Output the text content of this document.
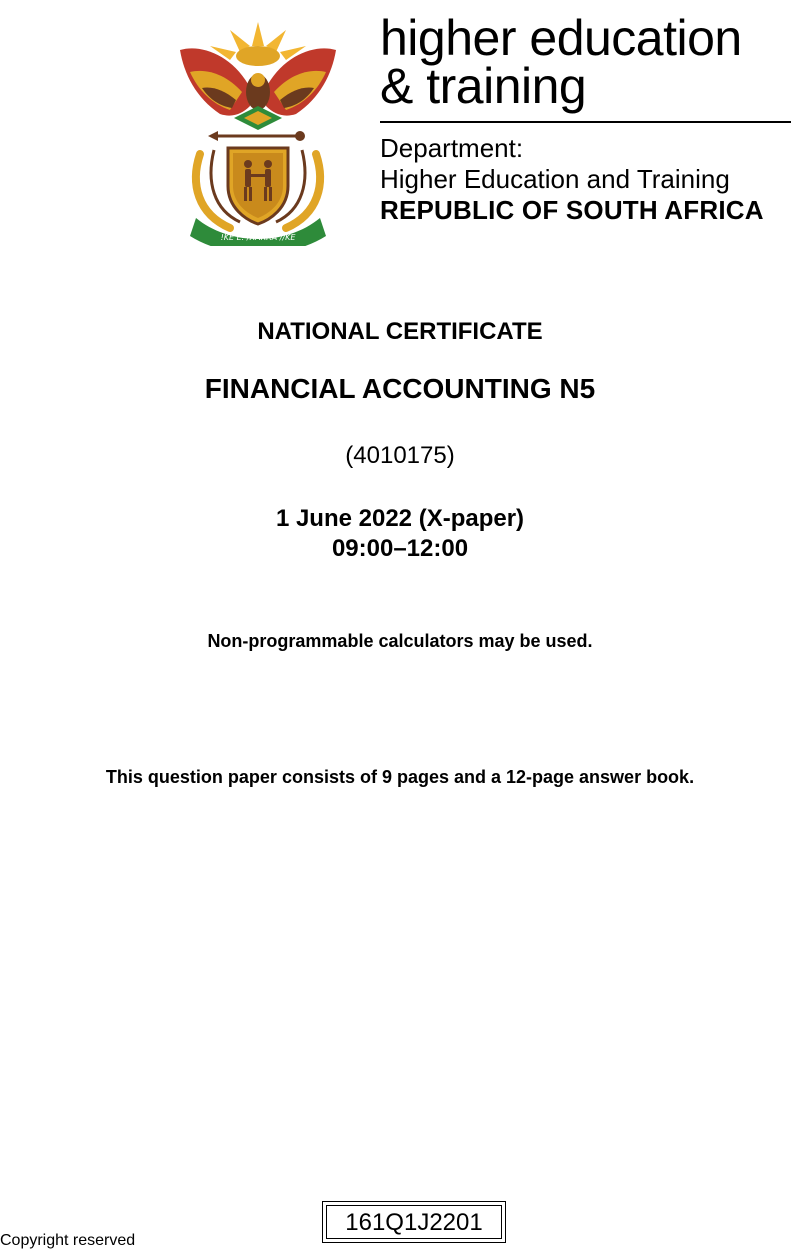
!KE E: /XARRA //KE
higher education
& training
Department:
Higher Education and Training
REPUBLIC OF SOUTH AFRICA
NATIONAL CERTIFICATE
FINANCIAL ACCOUNTING N5
(4010175)
1 June 2022 (X-paper)
09:00–12:00
Non-programmable calculators may be used.
This question paper consists of 9 pages and a 12-page answer book.
Copyright reserved
161Q1J2201
